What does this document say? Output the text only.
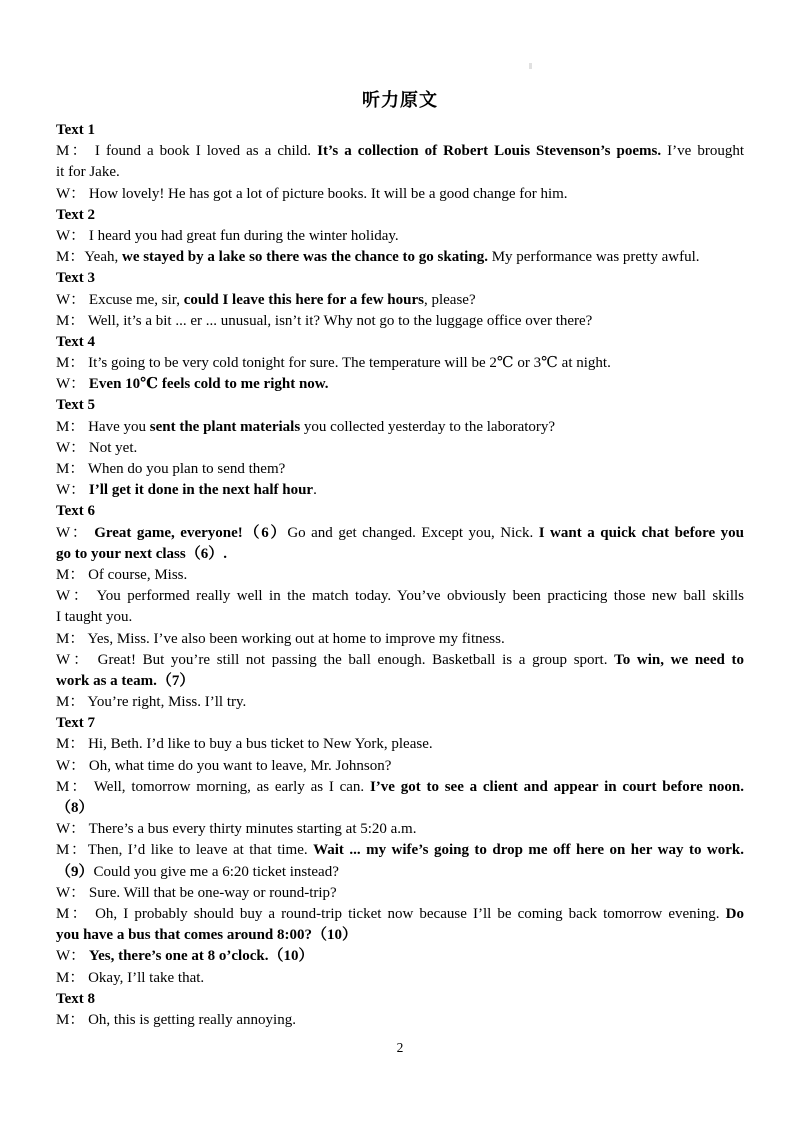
听力原文

Text 1

M： I found a book I loved as a child. It’s a collection of Robert Louis Stevenson’s poems. I’ve brought

it for Jake.

W： How lovely! He has got a lot of picture books. It will be a good change for him.

Text 2

W： I heard you had great fun during the winter holiday.

M：Yeah, we stayed by a lake so there was the chance to go skating. My performance was pretty awful.

Text 3

W： Excuse me, sir, could I leave this here for a few hours, please?

M： Well, it’s a bit ... er ... unusual, isn’t it? Why not go to the luggage office over there?

Text 4

M： It’s going to be very cold tonight for sure. The temperature will be 2℃ or 3℃ at night.

W： Even 10℃ feels cold to me right now.

Text 5

M： Have you sent the plant materials you collected yesterday to the laboratory?

W： Not yet.

M： When do you plan to send them?

W： I’ll get it done in the next half hour.

Text 6

W： Great game, everyone!（6）Go and get changed. Except you, Nick. I want a quick chat before you

go to your next class（6）.

M： Of course, Miss.

W： You performed really well in the match today. You’ve obviously been practicing those new ball skills

I taught you.

M： Yes, Miss. I’ve also been working out at home to improve my fitness.

W： Great! But you’re still not passing the ball enough. Basketball is a group sport. To win, we need to

work as a team.（7）

M： You’re right, Miss. I’ll try.

Text 7

M： Hi, Beth. I’d like to buy a bus ticket to New York, please.

W： Oh, what time do you want to leave, Mr. Johnson?

M： Well, tomorrow morning, as early as I can. I’ve got to see a client and appear in court before noon.

（8）

W： There’s a bus every thirty minutes starting at 5:20 a.m.

M：Then, I’d like to leave at that time. Wait ... my wife’s going to drop me off here on her way to work.

（9）Could you give me a 6:20 ticket instead?

W： Sure. Will that be one-way or round-trip?

M： Oh, I probably should buy a round-trip ticket now because I’ll be coming back tomorrow evening. Do

you have a bus that comes around 8:00?（10）

W： Yes, there’s one at 8 o’clock.（10）

M： Okay, I’ll take that.

Text 8

M： Oh, this is getting really annoying.

2
